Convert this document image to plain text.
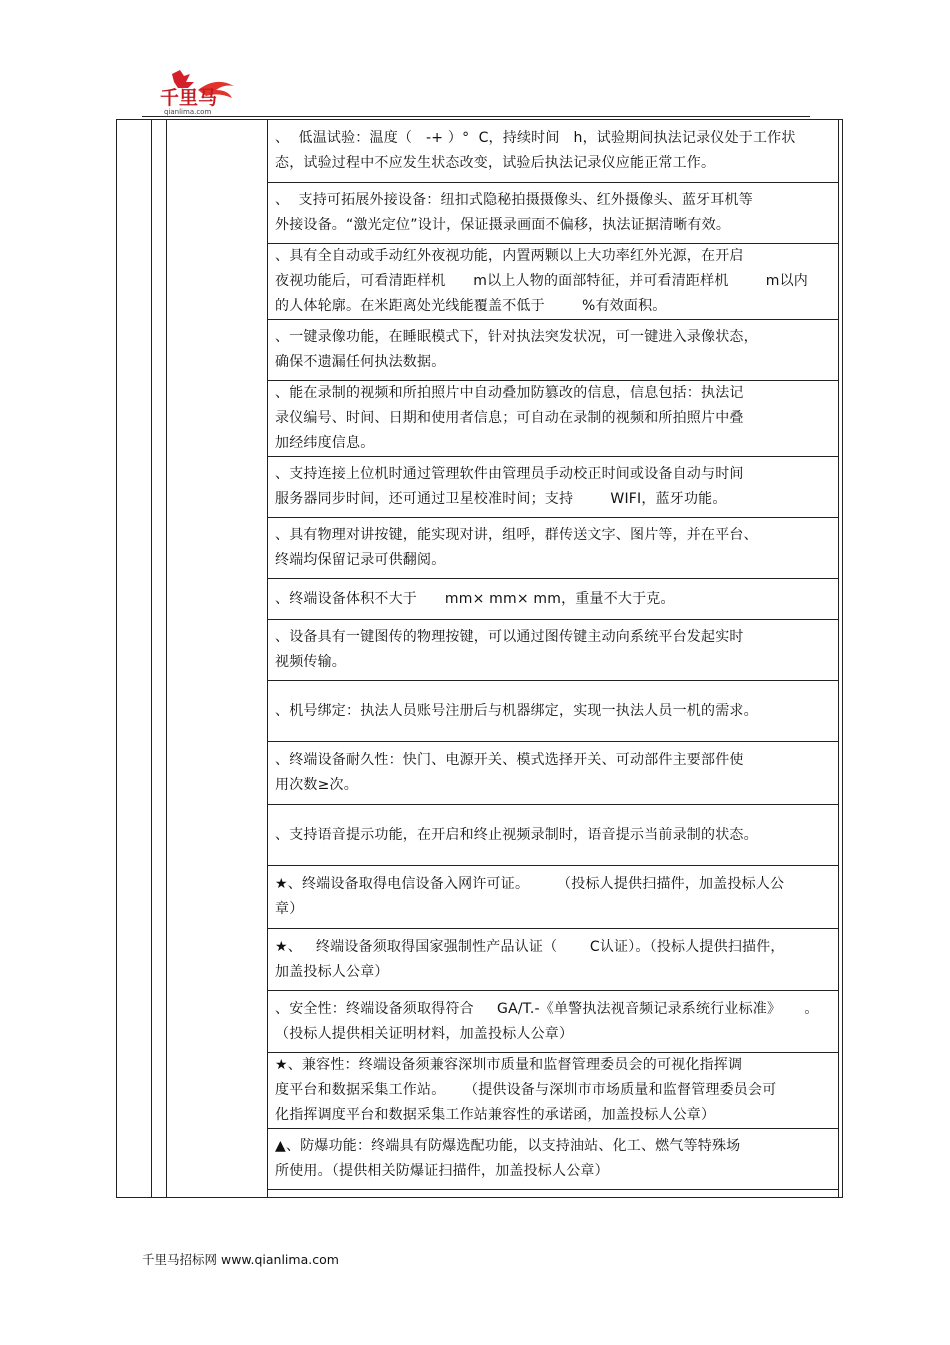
千里马
qianlima.com
、  低温试验：温度（   -+ ）°  C，持续时间   h，试验期间执法记录仪处于工作状
态，试验过程中不应发生状态改变，试验后执法记录仪应能正常工作。
、  支持可拓展外接设备：纽扣式隐秘拍摄摄像头、红外摄像头、蓝牙耳机等
外接设备。“激光定位”设计，保证摄录画面不偏移，执法证据清晰有效。
、具有全自动或手动红外夜视功能，内置两颗以上大功率红外光源，在开启
夜视功能后，可看清距样机      m以上人物的面部特征，并可看清距样机        m以内
的人体轮廓。在米距离处光线能覆盖不低于        %有效面积。
、一键录像功能，在睡眠模式下，针对执法突发状况，可一键进入录像状态，
确保不遗漏任何执法数据。
、能在录制的视频和所拍照片中自动叠加防篡改的信息，信息包括：执法记
录仪编号、时间、日期和使用者信息；可自动在录制的视频和所拍照片中叠
加经纬度信息。
、支持连接上位机时通过管理软件由管理员手动校正时间或设备自动与时间
服务器同步时间，还可通过卫星校准时间；支持        WIFI，蓝牙功能。
、具有物理对讲按键，能实现对讲，组呼，群传送文字、图片等，并在平台、
终端均保留记录可供翻阅。
、终端设备体积不大于      mm× mm× mm，重量不大于克。
、设备具有一键图传的物理按键，可以通过图传键主动向系统平台发起实时
视频传输。
、机号绑定：执法人员账号注册后与机器绑定，实现一执法人员一机的需求。
、终端设备耐久性：快门、电源开关、模式选择开关、可动部件主要部件使
用次数≥次。
、支持语音提示功能，在开启和终止视频录制时，语音提示当前录制的状态。
★、终端设备取得电信设备入网许可证。      （投标人提供扫描件，加盖投标人公
章）
★、   终端设备须取得国家强制性产品认证（       C认证）。（投标人提供扫描件，
加盖投标人公章）
、安全性：终端设备须取得符合     GA/T.-《单警执法视音频记录系统行业标准》     。
（投标人提供相关证明材料，加盖投标人公章）
★、兼容性：终端设备须兼容深圳市质量和监督管理委员会的可视化指挥调
度平台和数据采集工作站。    （提供设备与深圳市市场质量和监督管理委员会可
化指挥调度平台和数据采集工作站兼容性的承诺函，加盖投标人公章）
▲、防爆功能：终端具有防爆选配功能，以支持油站、化工、燃气等特殊场
所使用。（提供相关防爆证扫描件，加盖投标人公章）
千里马招标网 www.qianlima.com
